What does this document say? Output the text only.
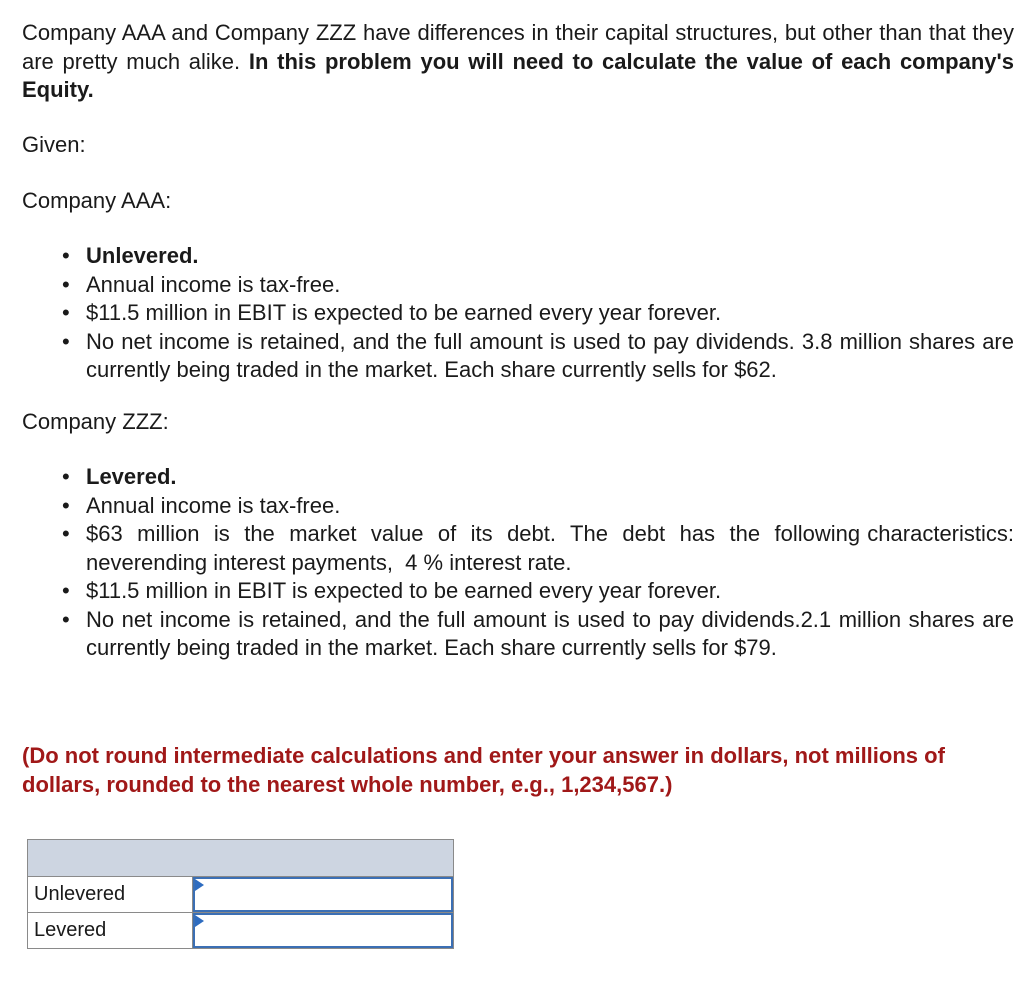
Company AAA and Company ZZZ have differences in their capital structures, but other than that they are pretty much alike. In this problem you will need to calculate the value of each company's Equity.

Given:

Company AAA:

• Unlevered.
• Annual income is tax-free.
• $11.5 million in EBIT is expected to be earned every year forever.
• No net income is retained, and the full amount is used to pay dividends. 3.8 million shares are currently being traded in the market. Each share currently sells for $62.

Company ZZZ:

• Levered.
• Annual income is tax-free.
• $63  million  is  the  market  value  of  its  debt.  The  debt  has  the  following characteristics: neverending interest payments,  4 % interest rate.
• $11.5 million in EBIT is expected to be earned every year forever.
• No net income is retained, and the full amount is used to pay dividends.2.1 million shares are currently being traded in the market. Each share currently sells for $79.

(Do not round intermediate calculations and enter your answer in dollars, not millions of dollars, rounded to the nearest whole number, e.g., 1,234,567.)

Unlevered	

Levered	
